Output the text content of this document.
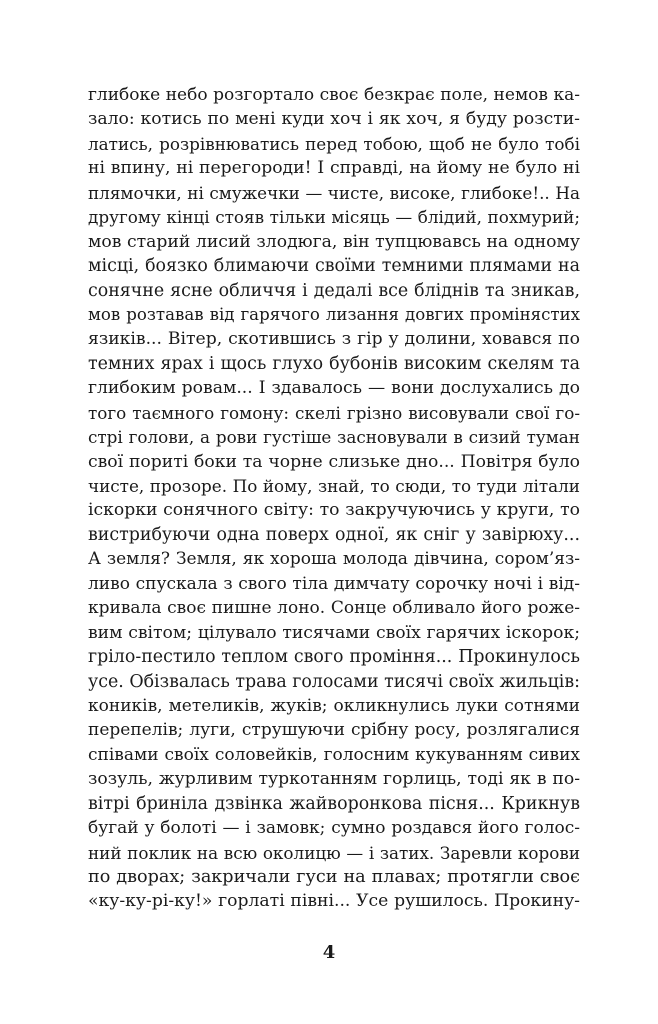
глибоке небо розгортало своє безкрає поле, немов ка-
зало: котись по мені куди хоч і як хоч, я буду розсти-
латись, розрівнюватись перед тобою, щоб не було тобі
ні впину, ні перегороди! І справді, на йому не було ні
плямочки, ні смужечки — чисте, високе, глибоке!.. На
другому кінці стояв тільки місяць — блідий, похмурий;
мов старий лисий злодюга, він тупцювавсь на одному
місці, боязко блимаючи своїми темними плямами на
сонячне ясне обличчя і дедалі все бліднів та зникав,
мов розтавав від гарячого лизання довгих промінястих
язиків... Вітер, скотившись з гір у долини, ховався по
темних ярах і щось глухо бубонів високим скелям та
глибоким ровам... І здавалось — вони дослухались до
того таємного гомону: скелі грізно висовували свої го-
стрі голови, а рови густіше засновували в сизий туман
свої пориті боки та чорне слизьке дно... Повітря було
чисте, прозоре. По йому, знай, то сюди, то туди літали
іскорки сонячного світу: то закручуючись у круги, то
вистрибуючи одна поверх одної, як сніг у завірюху...
А земля? Земля, як хороша молода дівчина, сором’яз-
ливо спускала з свого тіла димчату сорочку ночі і від-
кривала своє пишне лоно. Сонце обливало його роже-
вим світом; цілувало тисячами своїх гарячих іскорок;
гріло-пестило теплом свого проміння... Прокинулось
усе. Обізвалась трава голосами тисячі своїх жильців:
коників, метеликів, жуків; окликнулись луки сотнями
перепелів; луги, струшуючи срібну росу, розлягалися
співами своїх соловейків, голосним кукуванням сивих
зозуль, журливим туркотанням горлиць, тоді як в по-
вітрі бриніла дзвінка жайворонкова пісня... Крикнув
бугай у болоті — і замовк; сумно роздався його голос-
ний поклик на всю околицю — і затих. Заревли корови
по дворах; закричали гуси на плавах; протягли своє
«ку-ку-рі-ку!» горлаті півні... Усе рушилось. Прокину-
4
